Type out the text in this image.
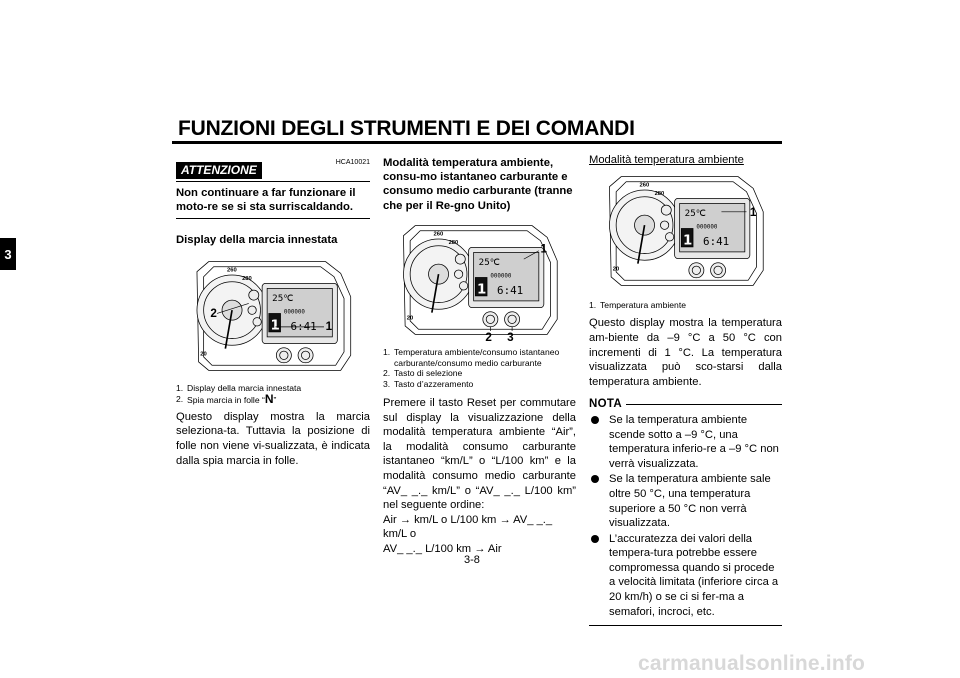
FUNZIONI DEGLI STRUMENTI E DEI COMANDI
3
ATTENZIONE
HCA10021
Non continuare a far funzionare il moto-re se si sta surriscaldando.
Display della marcia innestata
25℃
000000
1 6:41
260
280
20
2
1
1. Display della marcia innestata
2. Spia marcia in folle “N”
Questo display mostra la marcia seleziona-ta. Tuttavia la posizione di folle non viene vi-sualizzata, è indicata dalla spia marcia in folle.
Modalità temperatura ambiente, consu-mo istantaneo carburante e consumo medio carburante (tranne che per il Re-gno Unito)
25℃
000000
1 6:41
260
280
20
1
2 3
1. Temperatura ambiente/consumo istantaneo carburante/consumo medio carburante
2. Tasto di selezione
3. Tasto d’azzeramento
Premere il tasto Reset per commutare sul display la visualizzazione della modalità temperatura ambiente “Air”, la modalità consumo carburante istantaneo “km/L” o “L/100 km” e la modalità consumo medio carburante “AV_ _._ km/L” o “AV_ _._ L/100 km” nel seguente ordine:
Air → km/L o L/100 km → AV_ _._ km/L o
AV_ _._ L/100 km → Air
Modalità temperatura ambiente
25℃
000000
1 6:41
260
280
20
1
1. Temperatura ambiente
Questo display mostra la temperatura am-biente da –9 °C a 50 °C con incrementi di 1 °C. La temperatura visualizzata può sco-starsi dalla temperatura ambiente.
NOTA
Se la temperatura ambiente scende sotto a –9 °C, una temperatura inferio-re a –9 °C non verrà visualizzata.
Se la temperatura ambiente sale oltre 50 °C, una temperatura superiore a 50 °C non verrà visualizzata.
L’accuratezza dei valori della tempera-tura potrebbe essere compromessa quando si procede a velocità limitata (inferiore circa a 20 km/h) o se ci si fer-ma a semafori, incroci, etc.
3-8
carmanualsonline.info
